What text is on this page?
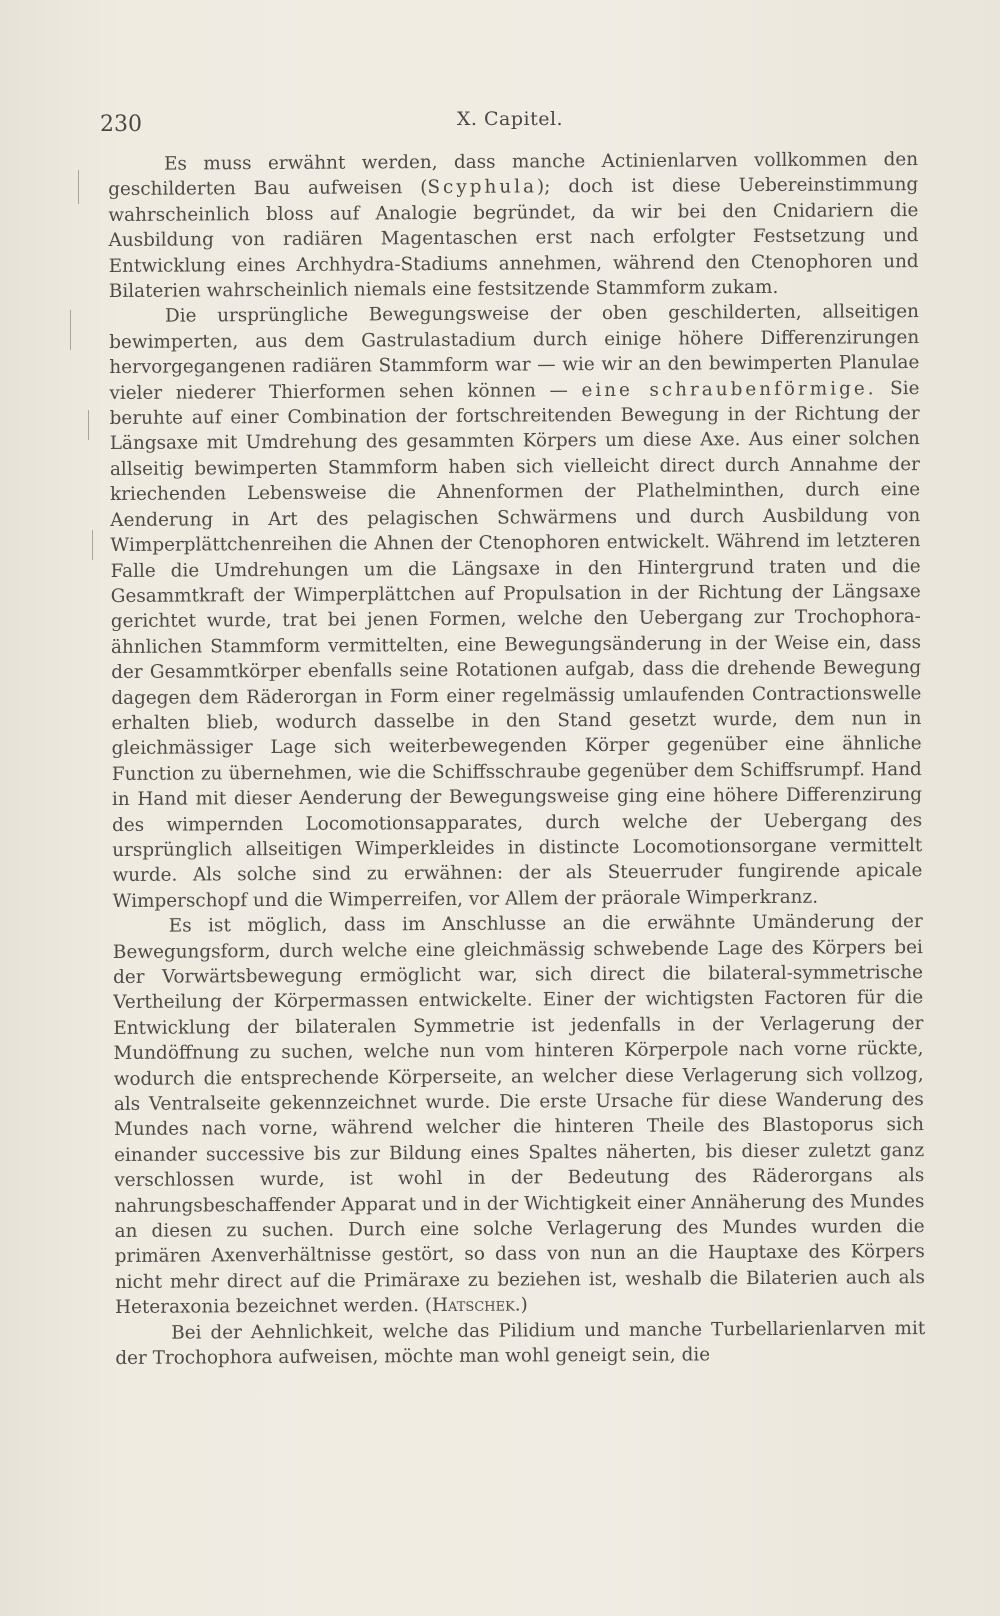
230	X. Capitel.

Es muss erwähnt werden, dass manche Actinienlarven vollkommen den geschilderten Bau aufweisen (Scyphula); doch ist diese Uebereinstimmung wahrscheinlich bloss auf Analogie begründet, da wir bei den Cnidariern die Ausbildung von radiären Magentaschen erst nach erfolgter Festsetzung und Entwicklung eines Archhydra-Stadiums annehmen, während den Ctenophoren und Bilaterien wahrscheinlich niemals eine festsitzende Stammform zukam.

Die ursprüngliche Bewegungsweise der oben geschilderten, allseitigen bewimperten, aus dem Gastrulastadium durch einige höhere Differenzirungen hervorgegangenen radiären Stammform war — wie wir an den bewimperten Planulae vieler niederer Thierformen sehen können — eine schraubenförmige. Sie beruhte auf einer Combination der fortschreitenden Bewegung in der Richtung der Längsaxe mit Umdrehung des gesammten Körpers um diese Axe. Aus einer solchen allseitig bewimperten Stammform haben sich vielleicht direct durch Annahme der kriechenden Lebensweise die Ahnenformen der Plathelminthen, durch eine Aenderung in Art des pelagischen Schwärmens und durch Ausbildung von Wimperplättchenreihen die Ahnen der Ctenophoren entwickelt. Während im letzteren Falle die Umdrehungen um die Längsaxe in den Hintergrund traten und die Gesammtkraft der Wimperplättchen auf Propulsation in der Richtung der Längsaxe gerichtet wurde, trat bei jenen Formen, welche den Uebergang zur Trochophora-ähnlichen Stammform vermittelten, eine Bewegungsänderung in der Weise ein, dass der Gesammtkörper ebenfalls seine Rotationen aufgab, dass die drehende Bewegung dagegen dem Räderorgan in Form einer regelmässig umlaufenden Contractionswelle erhalten blieb, wodurch dasselbe in den Stand gesetzt wurde, dem nun in gleichmässiger Lage sich weiterbewegenden Körper gegenüber eine ähnliche Function zu übernehmen, wie die Schiffsschraube gegenüber dem Schiffsrumpf. Hand in Hand mit dieser Aenderung der Bewegungsweise ging eine höhere Differenzirung des wimpernden Locomotionsapparates, durch welche der Uebergang des ursprünglich allseitigen Wimperkleides in distincte Locomotionsorgane vermittelt wurde. Als solche sind zu erwähnen: der als Steuerruder fungirende apicale Wimperschopf und die Wimperreifen, vor Allem der präorale Wimperkranz.

Es ist möglich, dass im Anschlusse an die erwähnte Umänderung der Bewegungsform, durch welche eine gleichmässig schwebende Lage des Körpers bei der Vorwärtsbewegung ermöglicht war, sich direct die bilateral-symmetrische Vertheilung der Körpermassen entwickelte. Einer der wichtigsten Factoren für die Entwicklung der bilateralen Symmetrie ist jedenfalls in der Verlagerung der Mundöffnung zu suchen, welche nun vom hinteren Körperpole nach vorne rückte, wodurch die entsprechende Körperseite, an welcher diese Verlagerung sich vollzog, als Ventralseite gekennzeichnet wurde. Die erste Ursache für diese Wanderung des Mundes nach vorne, während welcher die hinteren Theile des Blastoporus sich einander successive bis zur Bildung eines Spaltes näherten, bis dieser zuletzt ganz verschlossen wurde, ist wohl in der Bedeutung des Räderorgans als nahrungsbeschaffender Apparat und in der Wichtigkeit einer Annäherung des Mundes an diesen zu suchen. Durch eine solche Verlagerung des Mundes wurden die primären Axenverhältnisse gestört, so dass von nun an die Hauptaxe des Körpers nicht mehr direct auf die Primäraxe zu beziehen ist, weshalb die Bilaterien auch als Heteraxonia bezeichnet werden. (Hatschek.)

Bei der Aehnlichkeit, welche das Pilidium und manche Turbellarienlarven mit der Trochophora aufweisen, möchte man wohl geneigt sein, die
